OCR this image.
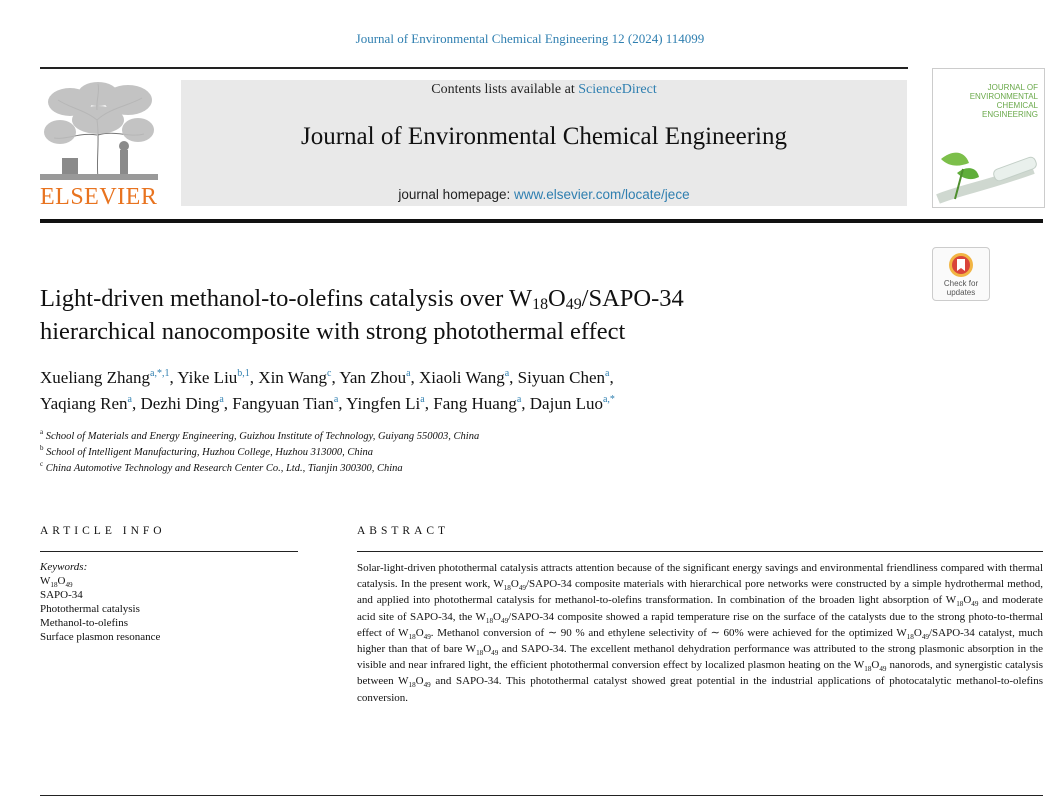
Journal of Environmental Chemical Engineering 12 (2024) 114099
ELSEVIER
Contents lists available at ScienceDirect
Journal of Environmental Chemical Engineering
journal homepage: www.elsevier.com/locate/jece
JOURNAL OF
ENVIRONMENTAL
CHEMICAL
ENGINEERING
Check for
updates
Light-driven methanol-to-olefins catalysis over $W_{18}O_{49}/SAPO-34$
hierarchical nanocomposite with strong photothermal effect
Xueliang Zhang$^{a,*,1}$, Yike Liu$^{b,1}$, Xin Wang$^c$, Yan Zhou$^a$, Xiaoli Wang$^a$, Siyuan Chen$^a$,
Yaqiang Ren$^a$, Dezhi Ding$^a$, Fangyuan Tian$^a$, Yingfen Li$^a$, Fang Huang$^a$, Dajun Luo$^{a,*}$
$^a$ School of Materials and Energy Engineering, Guizhou Institute of Technology, Guiyang 550003, China
$^b$ School of Intelligent Manufacturing, Huzhou College, Huzhou 313000, China
$^c$ China Automotive Technology and Research Center Co., Ltd., Tianjin 300300, China
ARTICLE INFO	ABSTRACT
Keywords:
$W_{18}O_{49}$
SAPO-34
Photothermal catalysis
Methanol-to-olefins
Surface plasmon resonance
Solar-light-driven photothermal catalysis attracts attention because of the significant energy savings and environmental friendliness compared with thermal catalysis. In the present work, $W_{18}O_{49}/SAPO-34$ composite materials with hierarchical pore networks were constructed by a simple hydrothermal method, and applied into photothermal catalysis for methanol-to-olefins transformation. In combination of the broaden light absorption of $W_{18}O_{49}$ and moderate acid site of SAPO-34, the $W_{18}O_{49}/SAPO-34$ composite showed a rapid temperature rise on the surface of the catalysts due to the strong photo-to-thermal effect of $W_{18}O_{49}$. Methanol conversion of ∼ 90 % and ethylene selectivity of ∼ 60% were achieved for the optimized $W_{18}O_{49}/SAPO-34$ catalyst, much higher than that of bare $W_{18}O_{49}$ and SAPO-34. The excellent methanol dehydration performance was attributed to the strong plasmonic absorption in the visible and near infrared light, the efficient photothermal conversion effect by localized plasmon heating on the $W_{18}O_{49}$ nanorods, and synergistic catalysis between $W_{18}O_{49}$ and SAPO-34. This photothermal catalyst showed great potential in the industrial applications of photocatalytic methanol-to-olefins conversion.
